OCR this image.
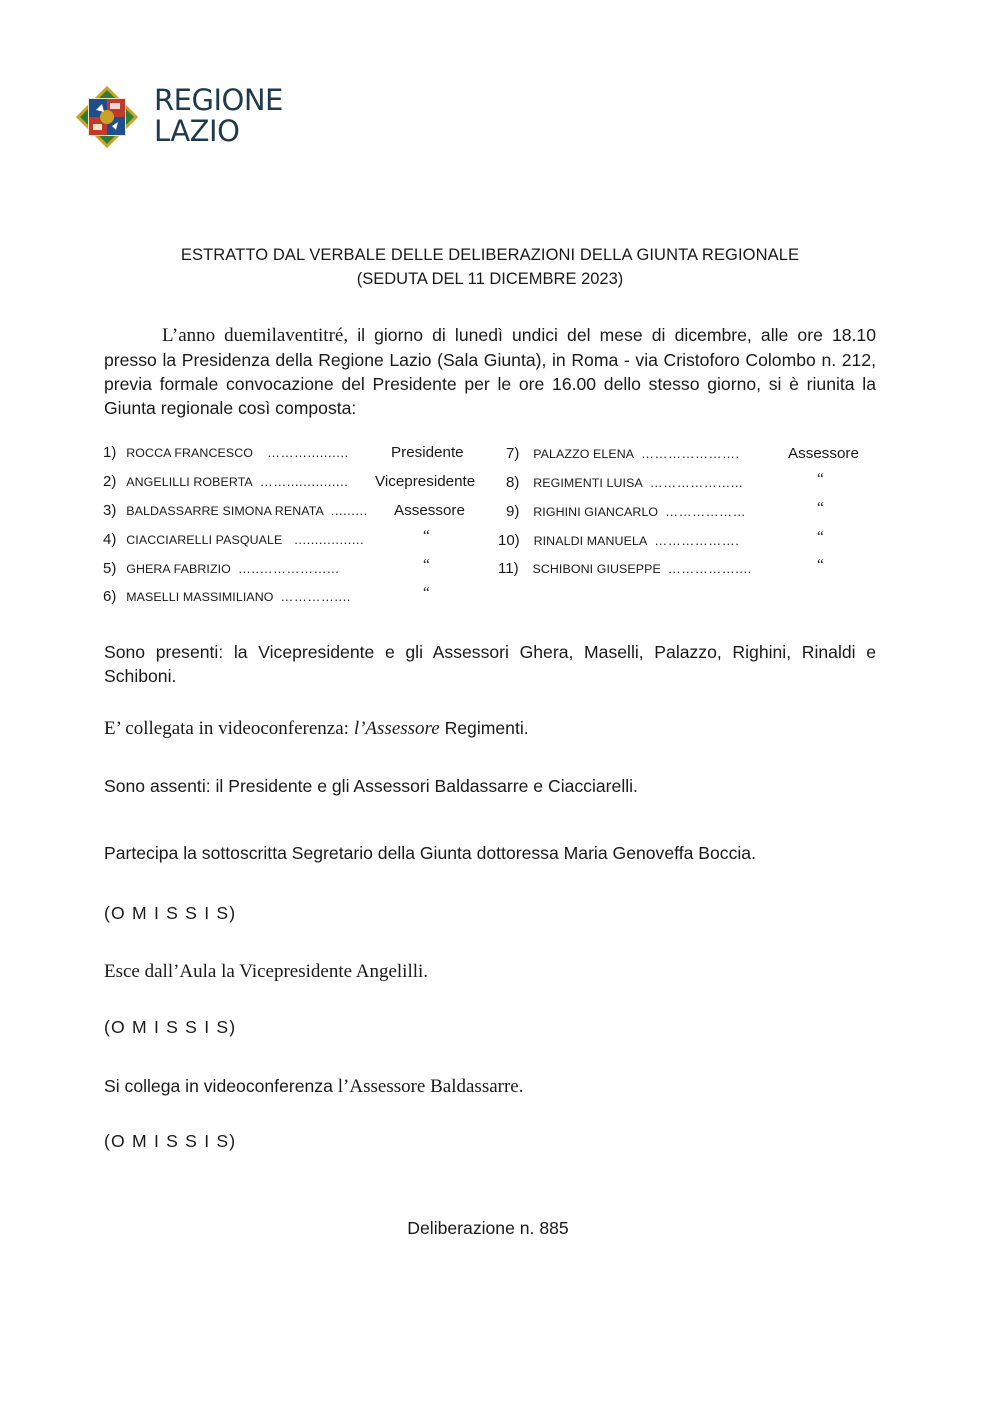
REGIONE
LAZIO
ESTRATTO DAL VERBALE DELLE DELIBERAZIONI DELLA GIUNTA REGIONALE
(SEDUTA DEL 11 DICEMBRE 2023)
L’anno duemilaventitré, il giorno di lunedì undici del mese di dicembre, alle ore 18.10 presso la Presidenza della Regione Lazio (Sala Giunta), in Roma - via Cristoforo Colombo n. 212, previa formale convocazione del Presidente per le ore 16.00 dello stesso giorno, si è riunita la Giunta regionale così composta:
1) ROCCA FRANCESCO ………..........	Presidente
2) ANGELILLI ROBERTA ……............... Vicepresidente
3) BALDASSARRE SIMONA RENATA ......... Assessore
4) CIACCIARELLI PASQUALE .................	“
5) GHERA FABRIZIO …..……………...	“
6) MASELLI MASSIMILIANO …………....	“
7) PALAZZO ELENA ………………….	Assessore
8) REGIMENTI LUISA ………………...	“
9) RIGHINI GIANCARLO ………………	“
10) RINALDI MANUELA ……………….	“
11) SCHIBONI GIUSEPPE ……………....	“
Sono presenti: la Vicepresidente e gli Assessori Ghera, Maselli, Palazzo, Righini, Rinaldi e Schiboni.
E’ collegata in videoconferenza: l’Assessore Regimenti.
Sono assenti: il Presidente e gli Assessori Baldassarre e Ciacciarelli.
Partecipa la sottoscritta Segretario della Giunta dottoressa Maria Genoveffa Boccia.
(O M I S S I S)
Esce dall’Aula la Vicepresidente Angelilli.
(O M I S S I S)
Si collega in videoconferenza l’Assessore Baldassarre.
(O M I S S I S)
Deliberazione n. 885
